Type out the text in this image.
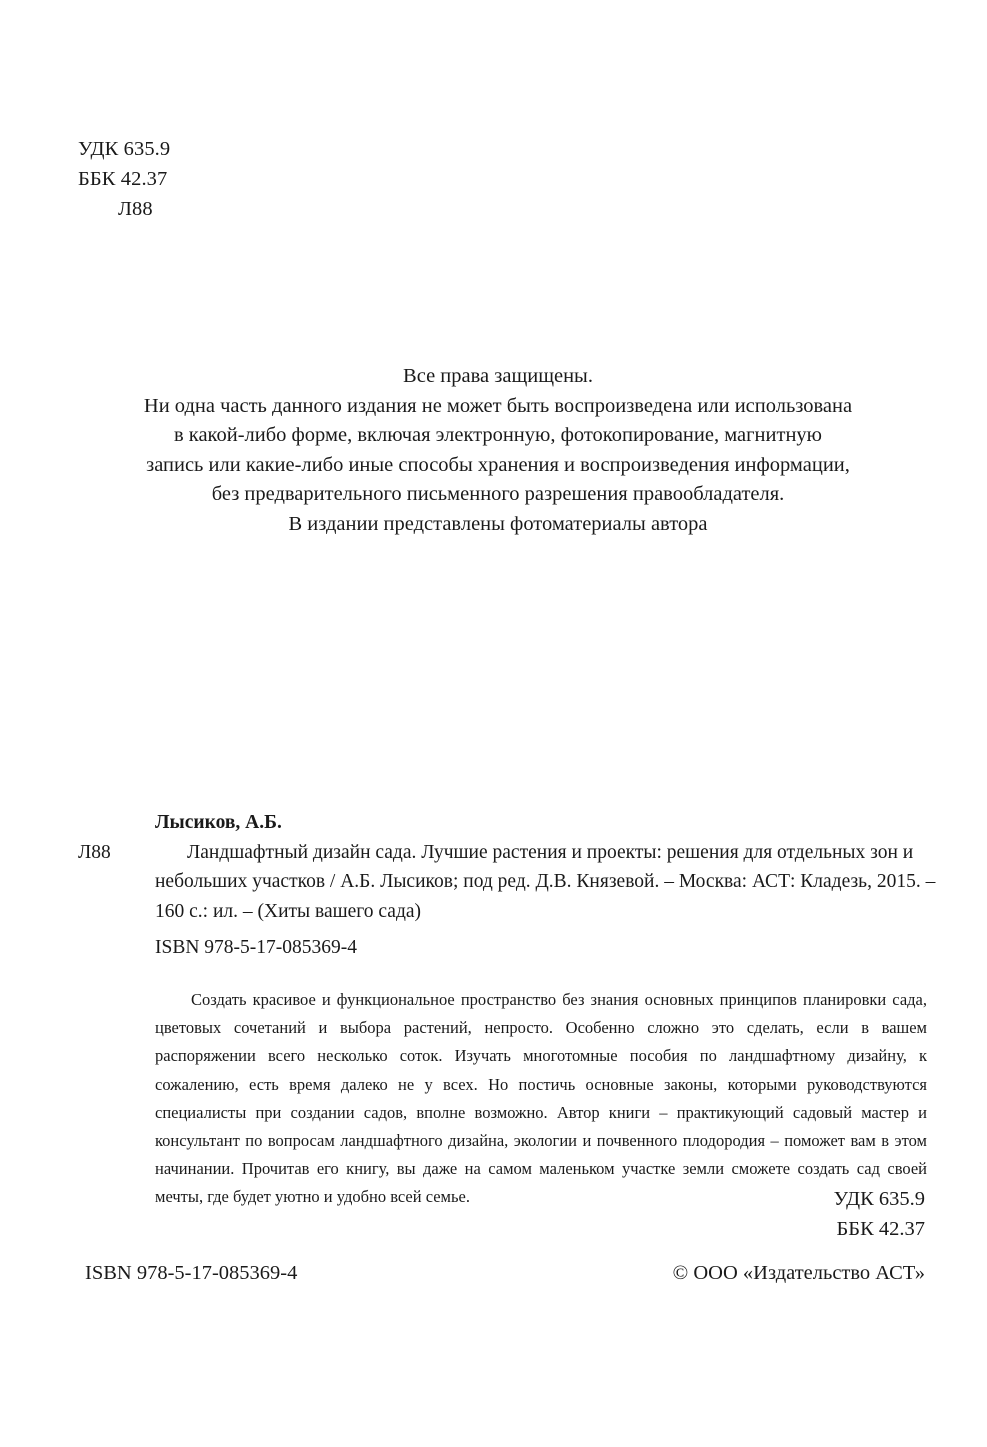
УДК 635.9
ББК 42.37
Л88
Все права защищены.
Ни одна часть данного издания не может быть воспроизведена или использована
в какой-либо форме, включая электронную, фотокопирование, магнитную
запись или какие-либо иные способы хранения и воспроизведения информации,
без предварительного письменного разрешения правообладателя.
В издании представлены фотоматериалы автора
Лысиков, А.Б.
Л88	Ландшафтный дизайн сада. Лучшие растения и проекты: решения для отдельных зон и небольших участков / А.Б. Лысиков; под ред. Д.В. Князевой. – Москва: АСТ: Кладезь, 2015. – 160 с.: ил. – (Хиты вашего сада)
ISBN 978-5-17-085369-4
Создать красивое и функциональное пространство без знания основных принципов планировки сада, цветовых сочетаний и выбора растений, непросто. Особенно сложно это сделать, если в вашем распоряжении всего несколько соток. Изучать многотомные пособия по ландшафтному дизайну, к сожалению, есть время далеко не у всех. Но постичь основные законы, которыми руководствуются специалисты при создании садов, вполне возможно. Автор книги – практикующий садовый мастер и консультант по вопросам ландшафтного дизайна, экологии и почвенного плодородия – поможет вам в этом начинании. Прочитав его книгу, вы даже на самом маленьком участке земли сможете создать сад своей мечты, где будет уютно и удобно всей семье.	УДК 635.9
ББК 42.37
ISBN 978-5-17-085369-4	© ООО «Издательство АСТ»
